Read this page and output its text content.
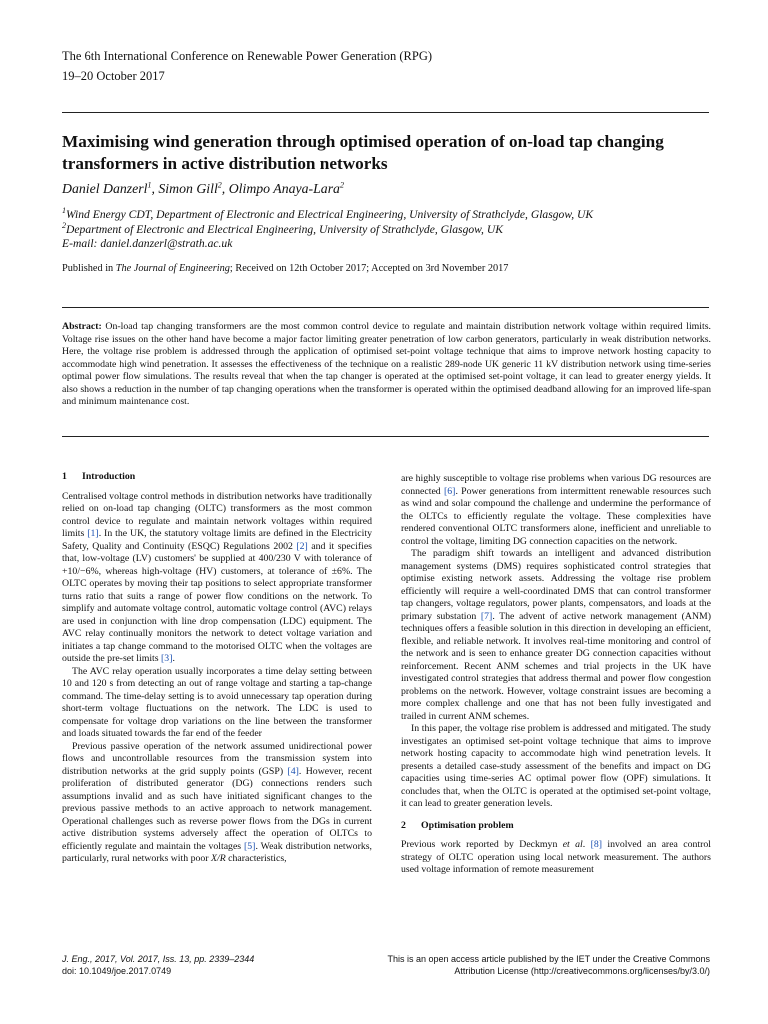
The 6th International Conference on Renewable Power Generation (RPG)
19–20 October 2017
Maximising wind generation through optimised operation of on-load tap changing transformers in active distribution networks
Daniel Danzerl$^1$, Simon Gill$^2$, Olimpo Anaya-Lara$^2$
$^1$Wind Energy CDT, Department of Electronic and Electrical Engineering, University of Strathclyde, Glasgow, UK
$^2$Department of Electronic and Electrical Engineering, University of Strathclyde, Glasgow, UK
E-mail: daniel.danzerl@strath.ac.uk
Published in The Journal of Engineering; Received on 12th October 2017; Accepted on 3rd November 2017
Abstract: On-load tap changing transformers are the most common control device to regulate and maintain distribution network voltage within required limits. Voltage rise issues on the other hand have become a major factor limiting greater penetration of low carbon generators, particularly in weak distribution networks. Here, the voltage rise problem is addressed through the application of optimised set-point voltage technique that aims to improve network hosting capacity to accommodate high wind penetration. It assesses the effectiveness of the technique on a realistic 289-node UK generic 11 kV distribution network using time-series optimal power flow simulations. The results reveal that when the tap changer is operated at the optimised set-point voltage, it can lead to greater energy yields. It also shows a reduction in the number of tap changing operations when the transformer is operated within the optimised deadband allowing for an improved life-span and minimum maintenance cost.
1 Introduction

Centralised voltage control methods in distribution networks have traditionally relied on on-load tap changing (OLTC) transformers as the most common control device to regulate and maintain network voltages within required limits [1]. In the UK, the statutory voltage limits are defined in the Electricity Safety, Quality and Continuity (ESQC) Regulations 2002 [2] and it specifies that, low-voltage (LV) customers' be supplied at 400/230 V with tolerance of +10/−6%, whereas high-voltage (HV) customers, at tolerance of ±6%. The OLTC operates by moving their tap positions to select appropriate transformer turns ratio that suits a range of power flow conditions on the network. To simplify and automate voltage control, automatic voltage control (AVC) relays are used in conjunction with line drop compensation (LDC) equipment. The AVC relay continually monitors the network to detect voltage variation and initiates a tap change command to the motorised OLTC when the voltages are outside the pre-set limits [3].

The AVC relay operation usually incorporates a time delay setting between 10 and 120 s from detecting an out of range voltage and starting a tap-change command. The time-delay setting is to avoid unnecessary tap operation during short-term voltage fluctuations on the network. The LDC is used to compensate for voltage drop variations on the line between the transformer and loads situated towards the far end of the feeder

Previous passive operation of the network assumed unidirectional power flows and uncontrollable resources from the transmission system into distribution networks at the grid supply points (GSP) [4]. However, recent proliferation of distributed generator (DG) connections renders such assumptions invalid and as such have initiated significant changes to the previous passive methods to an active approach to network management. Operational challenges such as reverse power flows from the DGs in current active distribution systems adversely affect the operation of OLTCs to efficiently regulate and maintain the voltages [5]. Weak distribution networks, particularly, rural networks with poor X/R characteristics,

are highly susceptible to voltage rise problems when various DG resources are connected [6]. Power generations from intermittent renewable resources such as wind and solar compound the challenge and undermine the performance of the OLTCs to efficiently regulate the voltage. These complexities have rendered conventional OLTC transformers alone, inefficient and unreliable to control the voltage, limiting DG connection capacities on the network.

The paradigm shift towards an intelligent and advanced distribution management systems (DMS) requires sophisticated control strategies that optimise existing network assets. Addressing the voltage rise problem efficiently will require a well-coordinated DMS that can control transformer tap changers, voltage regulators, power plants, compensators, and loads at the primary substation [7]. The advent of active network management (ANM) techniques offers a feasible solution in this direction in developing an efficient, flexible, and reliable network. It involves real-time monitoring and control of the network and is seen to enhance greater DG connection capacities without reinforcement. Recent ANM schemes and trial projects in the UK have investigated control strategies that address thermal and power flow congestion problems on the network. However, voltage constraint issues are becoming a more complex challenge and one that has not been fully investigated and trailed in current ANM schemes.

In this paper, the voltage rise problem is addressed and mitigated. The study investigates an optimised set-point voltage technique that aims to improve network hosting capacity to accommodate high wind penetration levels. It presents a detailed case-study assessment of the benefits and impact on DG capacities using time-series AC optimal power flow (OPF) simulations. It concludes that, when the OLTC is operated at the optimised set-point voltage, it can lead to greater generation levels.

2 Optimisation problem

Previous work reported by Deckmyn et al. [8] involved an area control strategy of OLTC operation using local network measurement. The authors used voltage information of remote measurement

J. Eng., 2017, Vol. 2017, Iss. 13, pp. 2339–2344
doi: 10.1049/joe.2017.0749
This is an open access article published by the IET under the Creative Commons
Attribution License (http://creativecommons.org/licenses/by/3.0/)
